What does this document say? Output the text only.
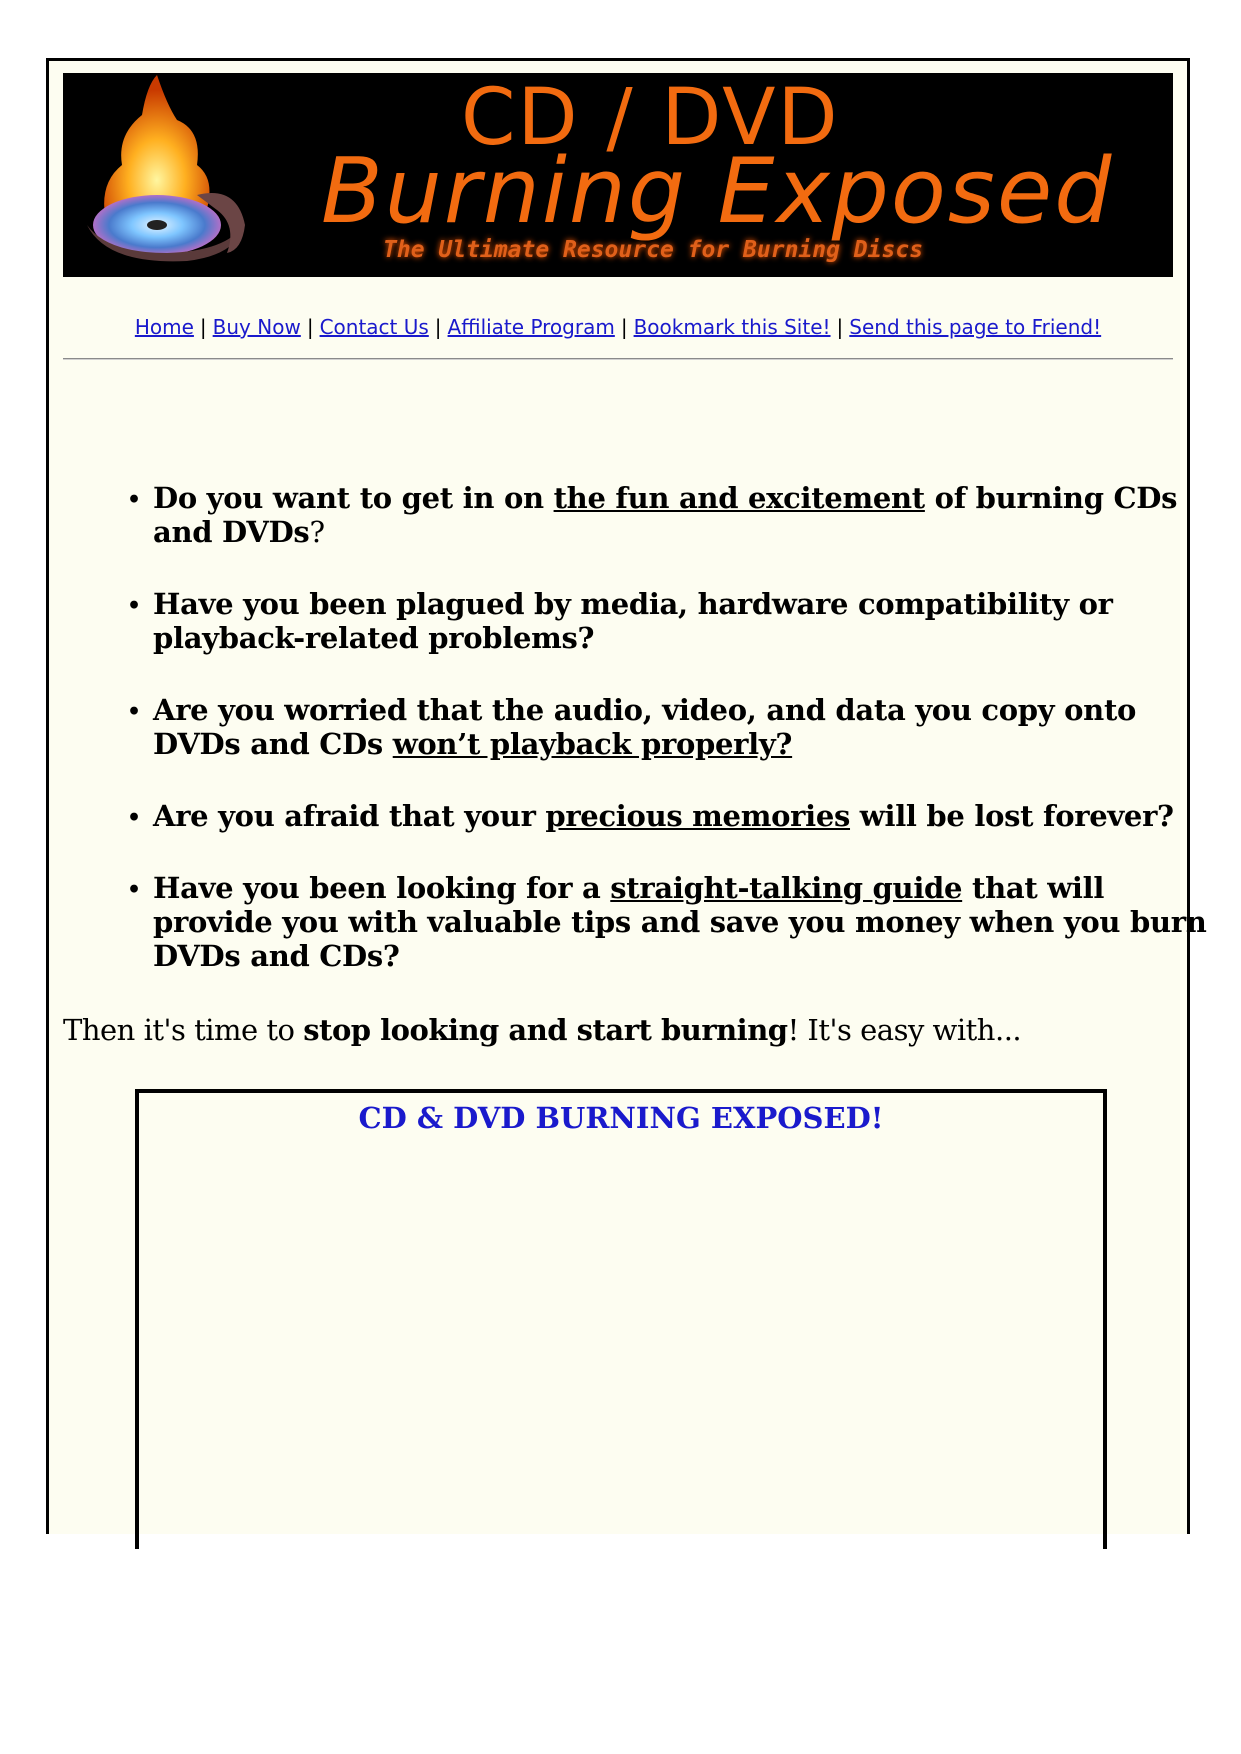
CD / DVD
Burning Exposed
The Ultimate Resource for Burning Discs
Home | Buy Now | Contact Us | Affiliate Program | Bookmark this Site! | Send this page to Friend!
• Do you want to get in on the fun and excitement of burning CDs and DVDs?
• Have you been plagued by media, hardware compatibility or playback-related problems?
• Are you worried that the audio, video, and data you copy onto DVDs and CDs won’t playback properly?
• Are you afraid that your precious memories will be lost forever?
• Have you been looking for a straight-talking guide that will provide you with valuable tips and save you money when you burn DVDs and CDs?
Then it's time to stop looking and start burning! It's easy with...
CD & DVD BURNING EXPOSED!
